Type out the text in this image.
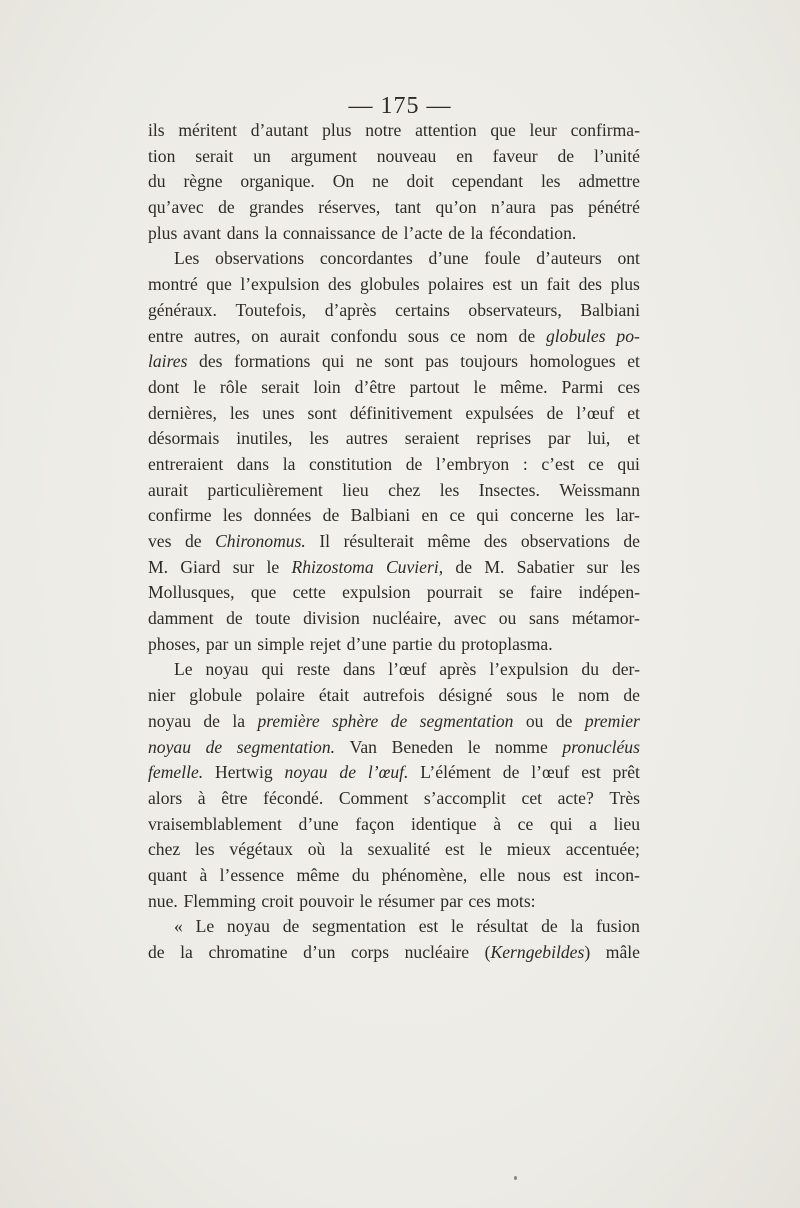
— 175 —
ils méritent d’autant plus notre attention que leur confirma-
tion serait un argument nouveau en faveur de l’unité
du règne organique. On ne doit cependant les admettre
qu’avec de grandes réserves, tant qu’on n’aura pas pénétré
plus avant dans la connaissance de l’acte de la fécondation.
Les observations concordantes d’une foule d’auteurs ont
montré que l’expulsion des globules polaires est un fait des plus
généraux. Toutefois, d’après certains observateurs, Balbiani
entre autres, on aurait confondu sous ce nom de globules po-
laires des formations qui ne sont pas toujours homologues et
dont le rôle serait loin d’être partout le même. Parmi ces
dernières, les unes sont définitivement expulsées de l’œuf et
désormais inutiles, les autres seraient reprises par lui, et
entreraient dans la constitution de l’embryon : c’est ce qui
aurait particulièrement lieu chez les Insectes. Weissmann
confirme les données de Balbiani en ce qui concerne les lar-
ves de Chironomus. Il résulterait même des observations de
M. Giard sur le Rhizostoma Cuvieri, de M. Sabatier sur les
Mollusques, que cette expulsion pourrait se faire indépen-
damment de toute division nucléaire, avec ou sans métamor-
phoses, par un simple rejet d’une partie du protoplasma.
Le noyau qui reste dans l’œuf après l’expulsion du der-
nier globule polaire était autrefois désigné sous le nom de
noyau de la première sphère de segmentation ou de premier
noyau de segmentation. Van Beneden le nomme pronucléus
femelle. Hertwig noyau de l’œuf. L’élément de l’œuf est prêt
alors à être fécondé. Comment s’accomplit cet acte? Très
vraisemblablement d’une façon identique à ce qui a lieu
chez les végétaux où la sexualité est le mieux accentuée;
quant à l’essence même du phénomène, elle nous est incon-
nue. Flemming croit pouvoir le résumer par ces mots:
« Le noyau de segmentation est le résultat de la fusion
de la chromatine d’un corps nucléaire (Kerngebildes) mâle
